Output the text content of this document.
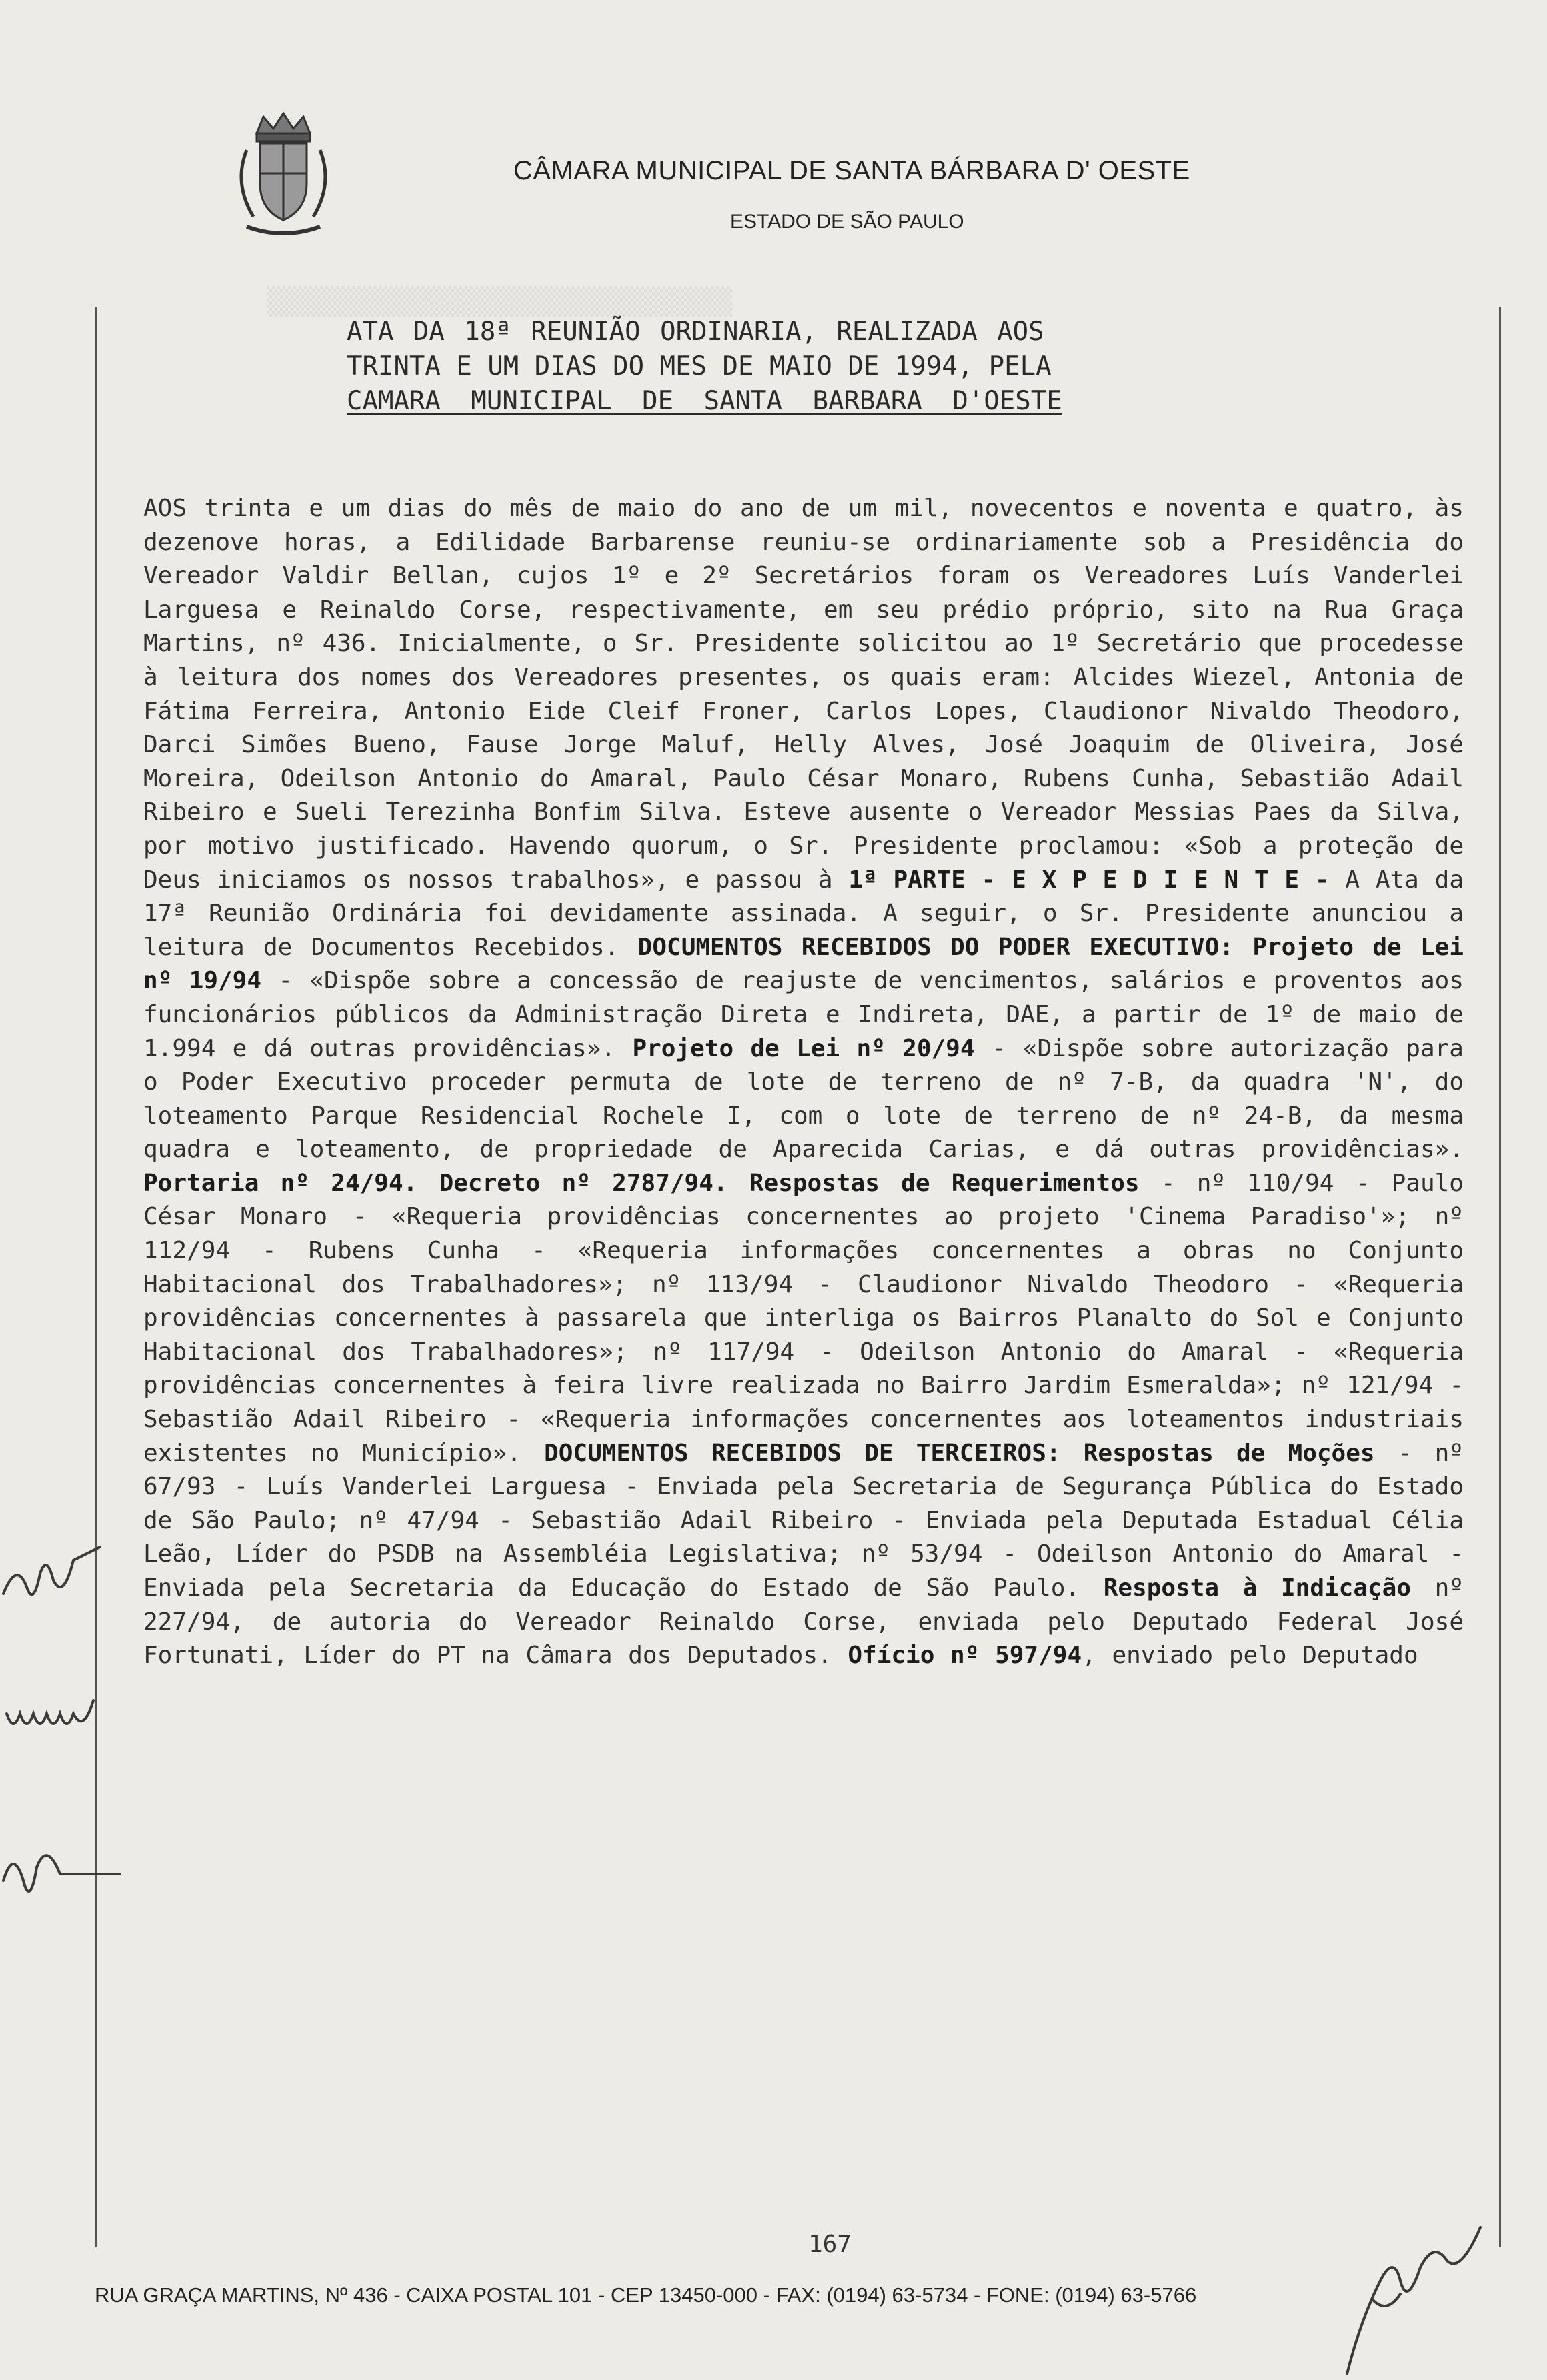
CÂMARA MUNICIPAL DE SANTA BÁRBARA D' OESTE
ESTADO DE SÃO PAULO
▒▒▒▒▒▒▒▒▒▒▒▒▒▒▒▒▒▒▒▒▒▒▒▒▒▒▒▒▒
ATA DA 18ª REUNIÃO ORDINARIA, REALIZADA AOS
TRINTA E UM DIAS DO MES DE MAIO DE 1994, PELA
CAMARA MUNICIPAL DE SANTA BARBARA D'OESTE
AOS trinta e um dias do mês de maio do ano de um mil, novecentos e noventa e quatro, às dezenove horas, a Edilidade Barbarense reuniu-se ordinariamente sob a Presidência do Vereador Valdir Bellan, cujos 1º e 2º Secretários foram os Vereadores Luís Vanderlei Larguesa e Reinaldo Corse, respectivamente, em seu prédio próprio, sito na Rua Graça Martins, nº 436. Inicialmente, o Sr. Presidente solicitou ao 1º Secretário que procedesse à leitura dos nomes dos Vereadores presentes, os quais eram: Alcides Wiezel, Antonia de Fátima Ferreira, Antonio Eide Cleif Froner, Carlos Lopes, Claudionor Nivaldo Theodoro, Darci Simões Bueno, Fause Jorge Maluf, Helly Alves, José Joaquim de Oliveira, José Moreira, Odeilson Antonio do Amaral, Paulo César Monaro, Rubens Cunha, Sebastião Adail Ribeiro e Sueli Terezinha Bonfim Silva. Esteve ausente o Vereador Messias Paes da Silva, por motivo justificado. Havendo quorum, o Sr. Presidente proclamou: «Sob a proteção de Deus iniciamos os nossos trabalhos», e passou à 1ª PARTE - E X P E D I E N T E - A Ata da 17ª Reunião Ordinária foi devidamente assinada. A seguir, o Sr. Presidente anunciou a leitura de Documentos Recebidos. DOCUMENTOS RECEBIDOS DO PODER EXECUTIVO: Projeto de Lei nº 19/94 - «Dispõe sobre a concessão de reajuste de vencimentos, salários e proventos aos funcionários públicos da Administração Direta e Indireta, DAE, a partir de 1º de maio de 1.994 e dá outras providências». Projeto de Lei nº 20/94 - «Dispõe sobre autorização para o Poder Executivo proceder permuta de lote de terreno de nº 7-B, da quadra 'N', do loteamento Parque Residencial Rochele I, com o lote de terreno de nº 24-B, da mesma quadra e loteamento, de propriedade de Aparecida Carias, e dá outras providências». Portaria nº 24/94. Decreto nº 2787/94. Respostas de Requerimentos - nº 110/94 - Paulo César Monaro - «Requeria providências concernentes ao projeto 'Cinema Paradiso'»; nº 112/94 - Rubens Cunha - «Requeria informações concernentes a obras no Conjunto Habitacional dos Trabalhadores»; nº 113/94 - Claudionor Nivaldo Theodoro - «Requeria providências concernentes à passarela que interliga os Bairros Planalto do Sol e Conjunto Habitacional dos Trabalhadores»; nº 117/94 - Odeilson Antonio do Amaral - «Requeria providências concernentes à feira livre realizada no Bairro Jardim Esmeralda»; nº 121/94 - Sebastião Adail Ribeiro - «Requeria informações concernentes aos loteamentos industriais existentes no Município». DOCUMENTOS RECEBIDOS DE TERCEIROS: Respostas de Moções - nº 67/93 - Luís Vanderlei Larguesa - Enviada pela Secretaria de Segurança Pública do Estado de São Paulo; nº 47/94 - Sebastião Adail Ribeiro - Enviada pela Deputada Estadual Célia Leão, Líder do PSDB na Assembléia Legislativa; nº 53/94 - Odeilson Antonio do Amaral - Enviada pela Secretaria da Educação do Estado de São Paulo. Resposta à Indicação nº 227/94, de autoria do Vereador Reinaldo Corse, enviada pelo Deputado Federal José Fortunati, Líder do PT na Câmara dos Deputados. Ofício nº 597/94, enviado pelo Deputado
167
RUA GRAÇA MARTINS, Nº 436 - CAIXA POSTAL 101 - CEP 13450-000 - FAX: (0194) 63-5734 - FONE: (0194) 63-5766
